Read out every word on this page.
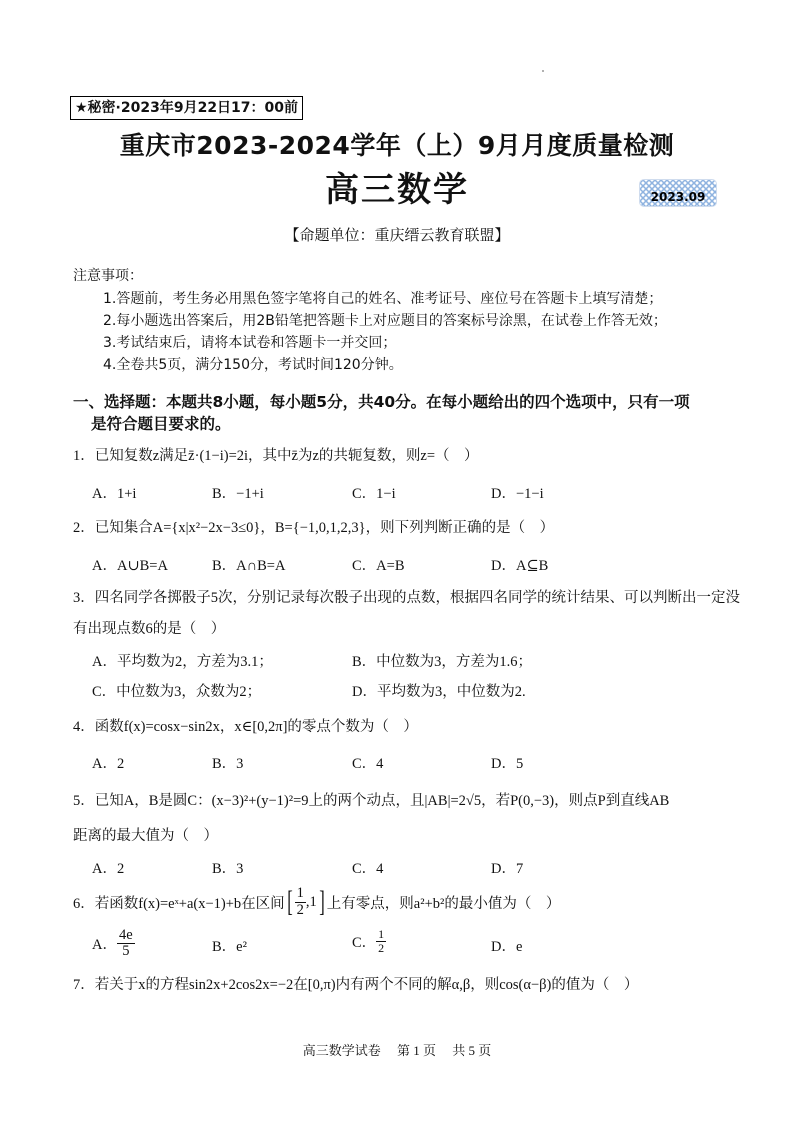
★秘密·2023年9月22日17：00前
重庆市2023-2024学年（上）9月月度质量检测
高三数学	2023.09
【命题单位：重庆缙云教育联盟】
注意事项：
1.答题前，考生务必用黑色签字笔将自己的姓名、准考证号、座位号在答题卡上填写清楚；
2.每小题选出答案后，用2B铅笔把答题卡上对应题目的答案标号涂黑，在试卷上作答无效；
3.考试结束后，请将本试卷和答题卡一并交回；
4.全卷共5页，满分150分，考试时间120分钟。
一、选择题：本题共8小题，每小题5分，共40分。在每小题给出的四个选项中，只有一项
是符合题目要求的。
1．已知复数z满足z̄·(1−i)=2i，其中z̄为z的共轭复数，则z=（　）
A．1+i	B．−1+i	C．1−i	D．−1−i
2．已知集合A={x|x²−2x−3≤0}，B={−1,0,1,2,3}，则下列判断正确的是（　）
A．A∪B=A	B．A∩B=A	C．A=B	D．A⊆B
3．四名同学各掷骰子5次，分别记录每次骰子出现的点数，根据四名同学的统计结果、可以判断出一定没
有出现点数6的是（　）
A．平均数为2，方差为3.1；	B．中位数为3，方差为1.6；
C．中位数为3，众数为2；	D．平均数为3，中位数为2.
4．函数f(x)=cosx−sin2x，x∈[0,2π]的零点个数为（　）
A．2	B．3	C．4	D．5
5．已知A，B是圆C：(x−3)²+(y−1)²=9上的两个动点，且|AB|=2√5，若P(0,−3)，则点P到直线AB
距离的最大值为（　）
A．2	B．3	C．4	D．7
6．若函数f(x)=eˣ+a(x−1)+b在区间 [ $\frac{1}{2} ,1$ ] 上有零点，则a²+b²的最小值为（　）
A． $\frac{4e}{5}$	B．e²	C． $\frac{1}{2}$	D．e
7．若关于x的方程sin2x+2cos2x=−2在[0,π)内有两个不同的解α,β，则cos(α−β)的值为（　）
高三数学试卷　 第 1 页　 共 5 页
